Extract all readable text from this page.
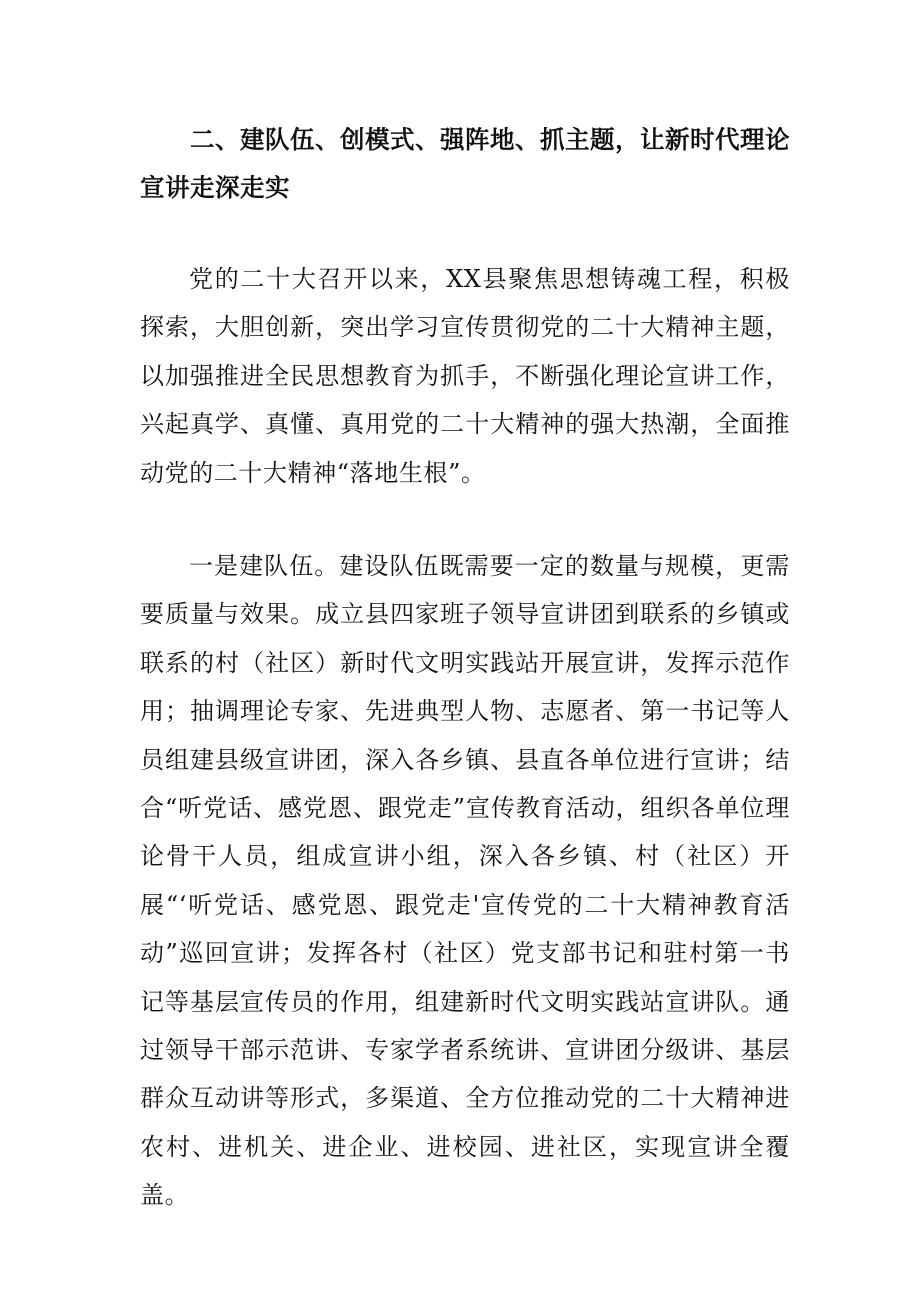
二、建队伍、创模式、强阵地、抓主题，让新时代理论宣讲走深走实

党的二十大召开以来，XX县聚焦思想铸魂工程，积极探索，大胆创新，突出学习宣传贯彻党的二十大精神主题，以加强推进全民思想教育为抓手，不断强化理论宣讲工作，兴起真学、真懂、真用党的二十大精神的强大热潮，全面推动党的二十大精神“落地生根”。

一是建队伍。建设队伍既需要一定的数量与规模，更需要质量与效果。成立县四家班子领导宣讲团到联系的乡镇或联系的村（社区）新时代文明实践站开展宣讲，发挥示范作用；抽调理论专家、先进典型人物、志愿者、第一书记等人员组建县级宣讲团，深入各乡镇、县直各单位进行宣讲；结合“听党话、感党恩、跟党走”宣传教育活动，组织各单位理论骨干人员，组成宣讲小组，深入各乡镇、村（社区）开展“‘听党话、感党恩、跟党走'宣传党的二十大精神教育活动”巡回宣讲；发挥各村（社区）党支部书记和驻村第一书记等基层宣传员的作用，组建新时代文明实践站宣讲队。通过领导干部示范讲、专家学者系统讲、宣讲团分级讲、基层群众互动讲等形式，多渠道、全方位推动党的二十大精神进农村、进机关、进企业、进校园、进社区，实现宣讲全覆盖。
